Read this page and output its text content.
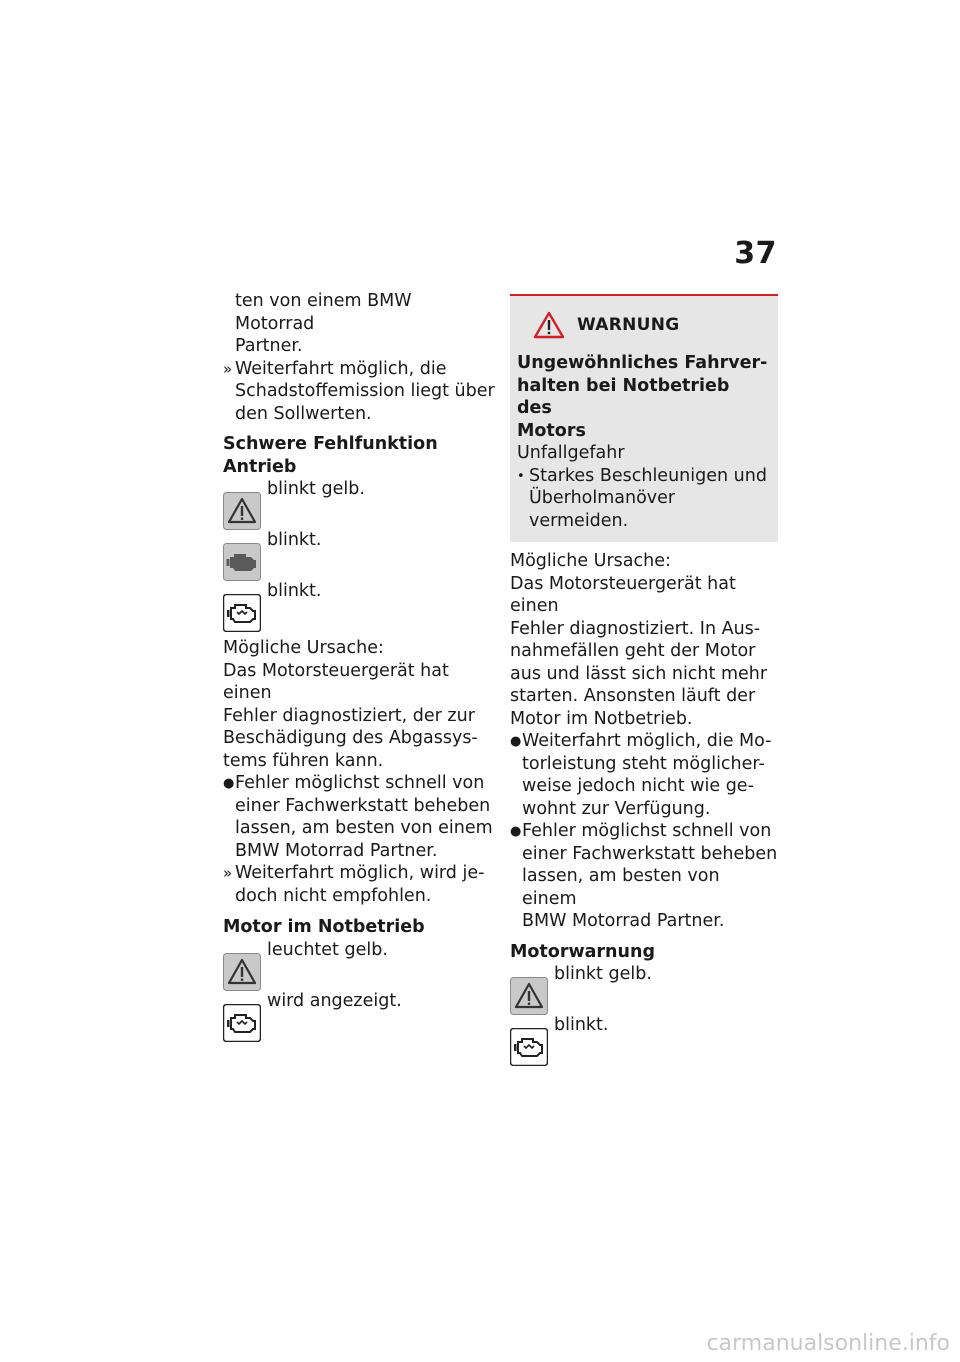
37

ten von einem BMW Motorrad

Partner.

» Weiterfahrt möglich, die

Schadstoffemission liegt über

den Sollwerten.

Schwere Fehlfunktion Antrieb

blinkt gelb.
blinkt.
blinkt.

Mögliche Ursache:

Das Motorsteuergerät hat einen

Fehler diagnostiziert, der zur

Beschädigung des Abgassys-

tems führen kann.

● Fehler möglichst schnell von

einer Fachwerkstatt beheben

lassen, am besten von einem

BMW Motorrad Partner.

» Weiterfahrt möglich, wird je-

doch nicht empfohlen.

Motor im Notbetrieb

leuchtet gelb.
wird angezeigt.
WARNUNG

Ungewöhnliches Fahrver-

halten bei Notbetrieb des

Motors

Unfallgefahr

• Starkes Beschleunigen und

Überholmanöver vermeiden.

Mögliche Ursache:

Das Motorsteuergerät hat einen

Fehler diagnostiziert. In Aus-

nahmefällen geht der Motor

aus und lässt sich nicht mehr

starten. Ansonsten läuft der

Motor im Notbetrieb.

● Weiterfahrt möglich, die Mo-

torleistung steht möglicher-

weise jedoch nicht wie ge-

wohnt zur Verfügung.

● Fehler möglichst schnell von

einer Fachwerkstatt beheben

lassen, am besten von einem

BMW Motorrad Partner.

Motorwarnung

blinkt gelb.
blinkt.
carmanualsonline.info
